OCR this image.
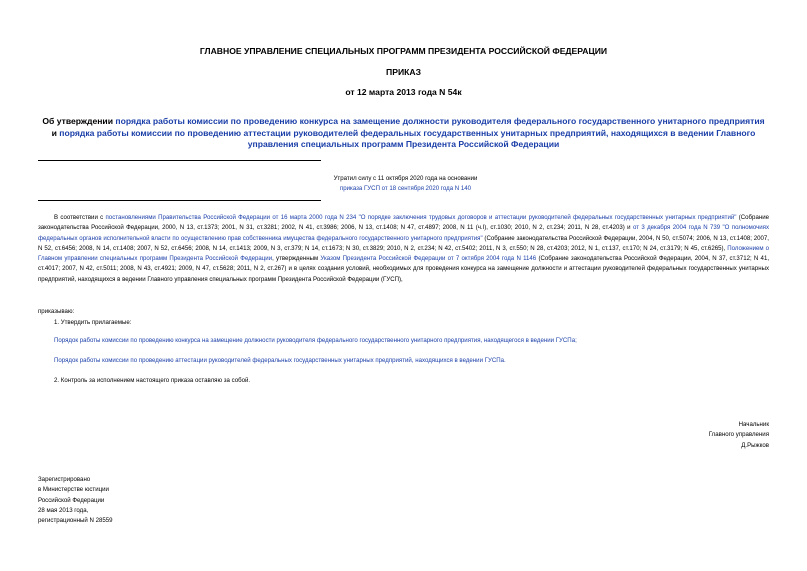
ГЛАВНОЕ УПРАВЛЕНИЕ СПЕЦИАЛЬНЫХ ПРОГРАММ ПРЕЗИДЕНТА РОССИЙСКОЙ ФЕДЕРАЦИИ
ПРИКАЗ
от 12 марта 2013 года N 54к
Об утверждении порядка работы комиссии по проведению конкурса на замещение должности руководителя федерального государственного унитарного предприятия и порядка работы комиссии по проведению аттестации руководителей федеральных государственных унитарных предприятий, находящихся в ведении Главного управления специальных программ Президента Российской Федерации
Утратил силу с 11 октября 2020 года на основании
приказа ГУСП от 18 сентября 2020 года N 140
В соответствии с постановлениями Правительства Российской Федерации от 16 марта 2000 года N 234 "О порядке заключения трудовых договоров и аттестации руководителей федеральных государственных унитарных предприятий" (Собрание законодательства Российской Федерации, 2000, N 13, ст.1373; 2001, N 31, ст.3281; 2002, N 41, ст.3986; 2006, N 13, ст.1408; N 47, ст.4897; 2008, N 11 (ч.I), ст.1030; 2010, N 2, ст.234; 2011, N 28, ст.4203) и от 3 декабря 2004 года N 739 "О полномочиях федеральных органов исполнительной власти по осуществлению прав собственника имущества федерального государственного унитарного предприятия" (Собрание законодательства Российской Федерации, 2004, N 50, ст.5074; 2006, N 13, ст.1408; 2007, N 52, ст.6456; 2008, N 14, ст.1408; 2007, N 52, ст.6456; 2008, N 14, ст.1413; 2009, N 3, ст.379; N 14, ст.1673; N 30, ст.3829; 2010, N 2, ст.234; N 42, ст.5402; 2011, N 3, ст.550; N 28, ст.4203; 2012, N 1, ст.137, ст.170; N 24, ст.3179; N 45, ст.6265), Положением о Главном управлении специальных программ Президента Российской Федерации, утвержденным Указом Президента Российской Федерации от 7 октября 2004 года N 1146 (Собрание законодательства Российской Федерации, 2004, N 37, ст.3712; N 41, ст.4017; 2007, N 42, ст.5011; 2008, N 43, ст.4921; 2009, N 47, ст.5628; 2011, N 2, ст.267) и в целях создания условий, необходимых для проведения конкурса на замещение должности и аттестации руководителей федеральных государственных унитарных предприятий, находящихся в ведении Главного управления специальных программ Президента Российской Федерации (ГУСП),
приказываю:
1. Утвердить прилагаемые:
Порядок работы комиссии по проведению конкурса на замещение должности руководителя федерального государственного унитарного предприятия, находящегося в ведении ГУСПа;
Порядок работы комиссии по проведению аттестации руководителей федеральных государственных унитарных предприятий, находящихся в ведении ГУСПа.
2. Контроль за исполнением настоящего приказа оставляю за собой.
Начальник
Главного управления
Д.Рыжков
Зарегистрировано
в Министерстве юстиции
Российской Федерации
28 мая 2013 года,
регистрационный N 28559
